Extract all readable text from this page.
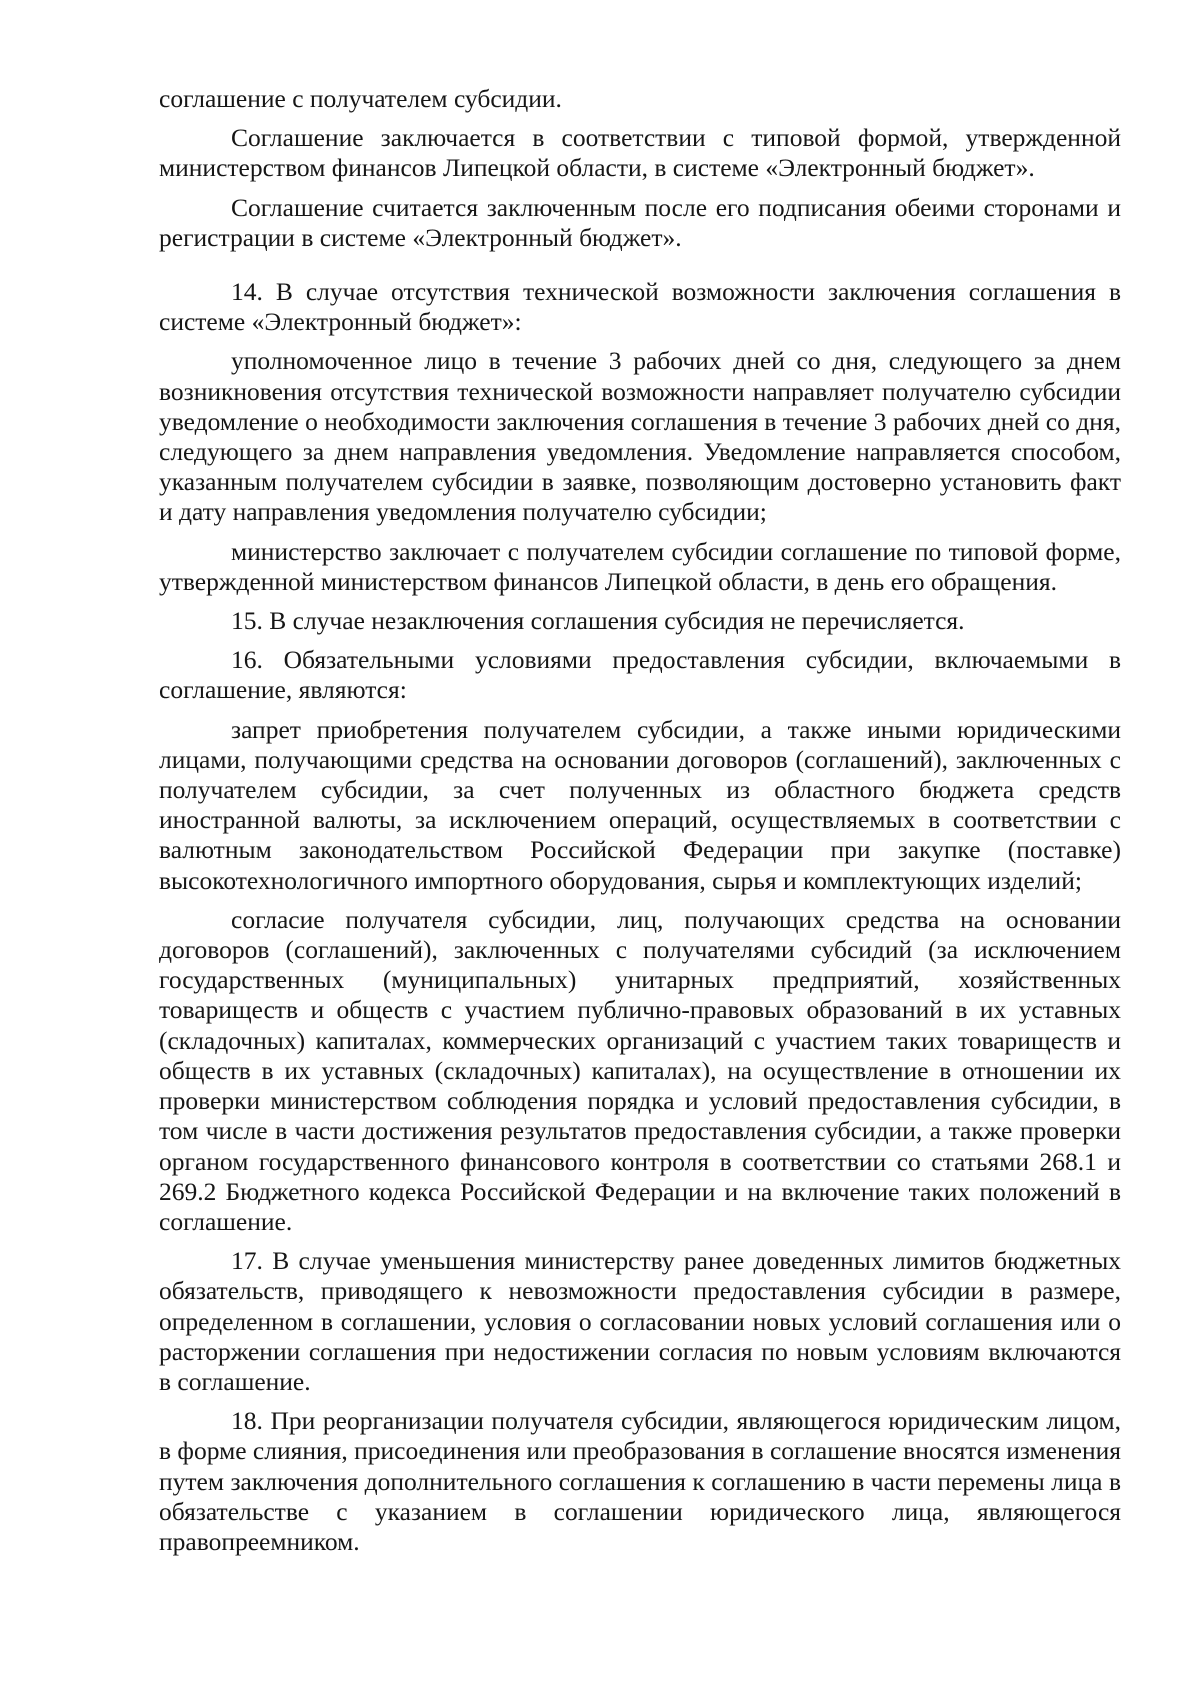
соглашение с получателем субсидии.

Соглашение заключается в соответствии с типовой формой, утвержденной министерством финансов Липецкой области, в системе «Электронный бюджет».

Соглашение считается заключенным после его подписания обеими сторонами и регистрации в системе «Электронный бюджет».

14. В случае отсутствия технической возможности заключения соглашения в системе «Электронный бюджет»:

уполномоченное лицо в течение 3 рабочих дней со дня, следующего за днем возникновения отсутствия технической возможности направляет получателю субсидии уведомление о необходимости заключения соглашения в течение 3 рабочих дней со дня, следующего за днем направления уведомления. Уведомление направляется способом, указанным получателем субсидии в заявке, позволяющим достоверно установить факт и дату направления уведомления получателю субсидии;

министерство заключает с получателем субсидии соглашение по типовой форме, утвержденной министерством финансов Липецкой области, в день его обращения.

15. В случае незаключения соглашения субсидия не перечисляется.

16. Обязательными условиями предоставления субсидии, включаемыми в соглашение, являются:

запрет приобретения получателем субсидии, а также иными юридическими лицами, получающими средства на основании договоров (соглашений), заключенных с получателем субсидии, за счет полученных из областного бюджета средств иностранной валюты, за исключением операций, осуществляемых в соответствии с валютным законодательством Российской Федерации при закупке (поставке) высокотехнологичного импортного оборудования, сырья и комплектующих изделий;

согласие получателя субсидии, лиц, получающих средства на основании договоров (соглашений), заключенных с получателями субсидий (за исключением государственных (муниципальных) унитарных предприятий, хозяйственных товариществ и обществ с участием публично-правовых образований в их уставных (складочных) капиталах, коммерческих организаций с участием таких товариществ и обществ в их уставных (складочных) капиталах), на осуществление в отношении их проверки министерством соблюдения порядка и условий предоставления субсидии, в том числе в части достижения результатов предоставления субсидии, а также проверки органом государственного финансового контроля в соответствии со статьями 268.1 и 269.2 Бюджетного кодекса Российской Федерации и на включение таких положений в соглашение.

17. В случае уменьшения министерству ранее доведенных лимитов бюджетных обязательств, приводящего к невозможности предоставления субсидии в размере, определенном в соглашении, условия о согласовании новых условий соглашения или о расторжении соглашения при недостижении согласия по новым условиям включаются в соглашение.

18. При реорганизации получателя субсидии, являющегося юридическим лицом, в форме слияния, присоединения или преобразования в соглашение вносятся изменения путем заключения дополнительного соглашения к соглашению в части перемены лица в обязательстве с указанием в соглашении юридического лица, являющегося правопреемником.
